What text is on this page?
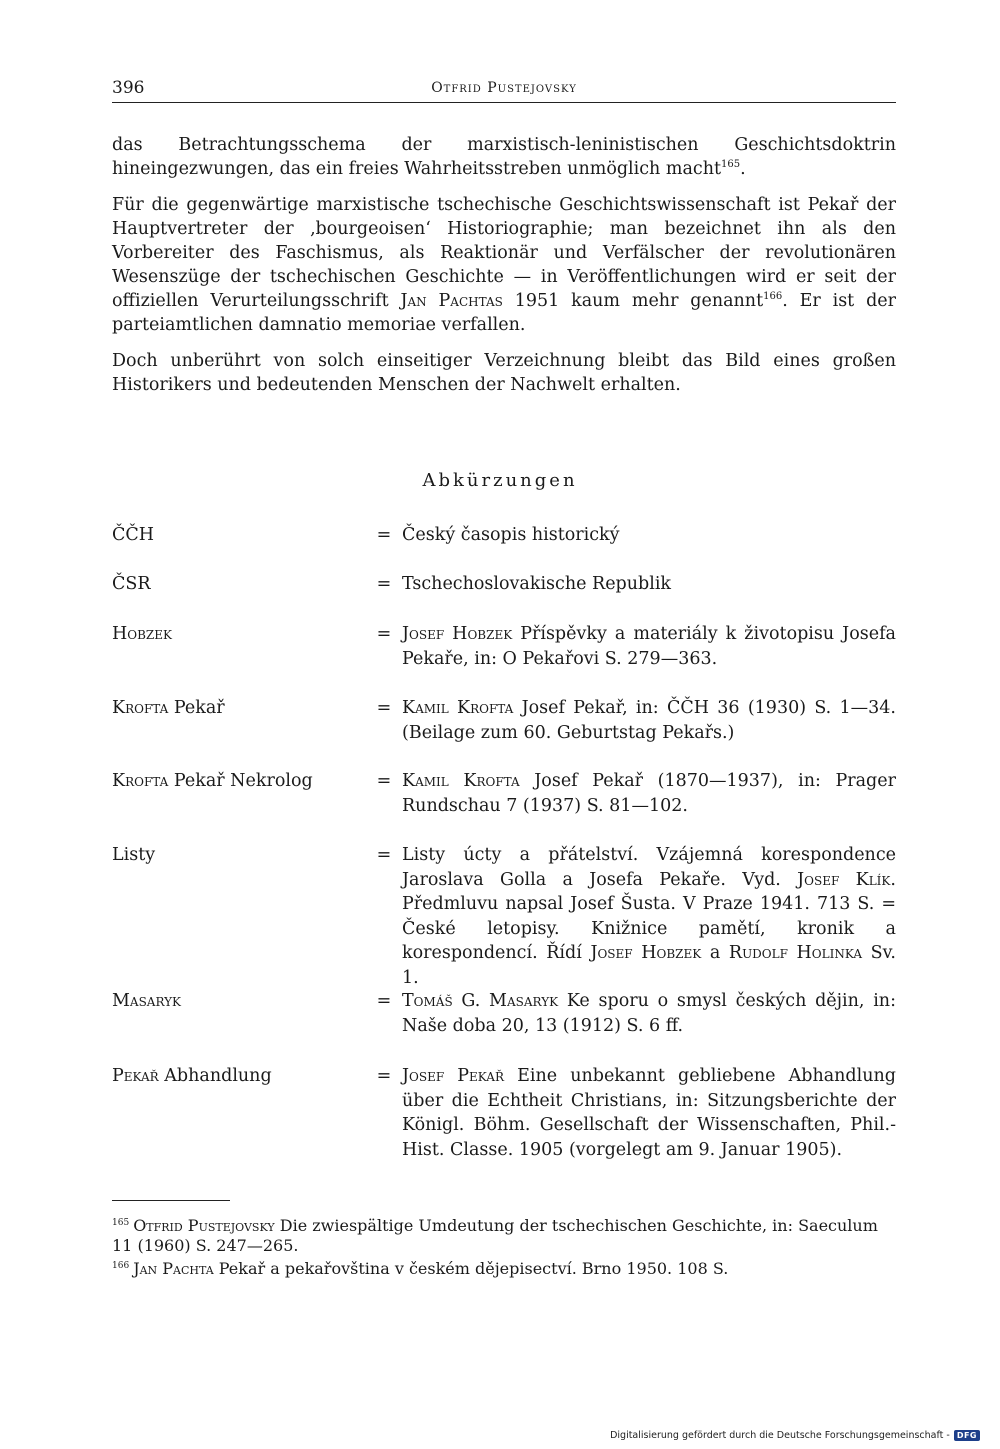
396	Otfrid Pustejovsky

das Betrachtungsschema der marxistisch-leninistischen Geschichtsdoktrin hineingezwungen, das ein freies Wahrheitsstreben unmöglich macht$^{165}$.

Für die gegenwärtige marxistische tschechische Geschichtswissenschaft ist Pekař der Hauptvertreter der ‚bourgeoisen‘ Historiographie; man bezeichnet ihn als den Vorbereiter des Faschismus, als Reaktionär und Verfälscher der revolutionären Wesenszüge der tschechischen Geschichte — in Veröffentlichungen wird er seit der offiziellen Verurteilungsschrift Jan Pachtas 1951 kaum mehr genannt$^{166}$. Er ist der parteiamtlichen damnatio memoriae verfallen.

Doch unberührt von solch einseitiger Verzeichnung bleibt das Bild eines großen Historikers und bedeutenden Menschen der Nachwelt erhalten.

Abkürzungen
ČČH	= Český časopis historický
ČSR	= Tschechoslovakische Republik
Hobzek	= Josef Hobzek Příspěvky a materiály k životopisu Josefa Pekaře, in: O Pekařovi S. 279—363.
Krofta Pekař	= Kamil Krofta Josef Pekař, in: ČČH 36 (1930) S. 1—34. (Beilage zum 60. Geburtstag Pekařs.)
Krofta Pekař Nekrolog	= Kamil Krofta Josef Pekař (1870—1937), in: Prager Rundschau 7 (1937) S. 81—102.
Listy	= Listy úcty a přátelství. Vzájemná korespondence Jaroslava Golla a Josefa Pekaře. Vyd. Josef Klík. Předmluvu napsal Josef Šusta. V Praze 1941. 713 S. = České letopisy. Knižnice pamětí, kronik a korespondencí. Řídí Josef Hobzek a Rudolf Holinka Sv. 1.
Masaryk	= Tomáš G. Masaryk Ke sporu o smysl českých dějin, in: Naše doba 20, 13 (1912) S. 6 ff.
Pekař Abhandlung	= Josef Pekař Eine unbekannt gebliebene Abhandlung über die Echtheit Christians, in: Sitzungsberichte der Königl. Böhm. Gesellschaft der Wissenschaften, Phil.-Hist. Classe. 1905 (vorgelegt am 9. Januar 1905).

$^{165}$ Otfrid Pustejovsky Die zwiespältige Umdeutung der tschechischen Geschichte, in: Saeculum 11 (1960) S. 247—265.

$^{166}$ Jan Pachta Pekař a pekařovština v českém dějepisectví. Brno 1950. 108 S.

Digitalisierung gefördert durch die Deutsche Forschungsgemeinschaft - DFG
